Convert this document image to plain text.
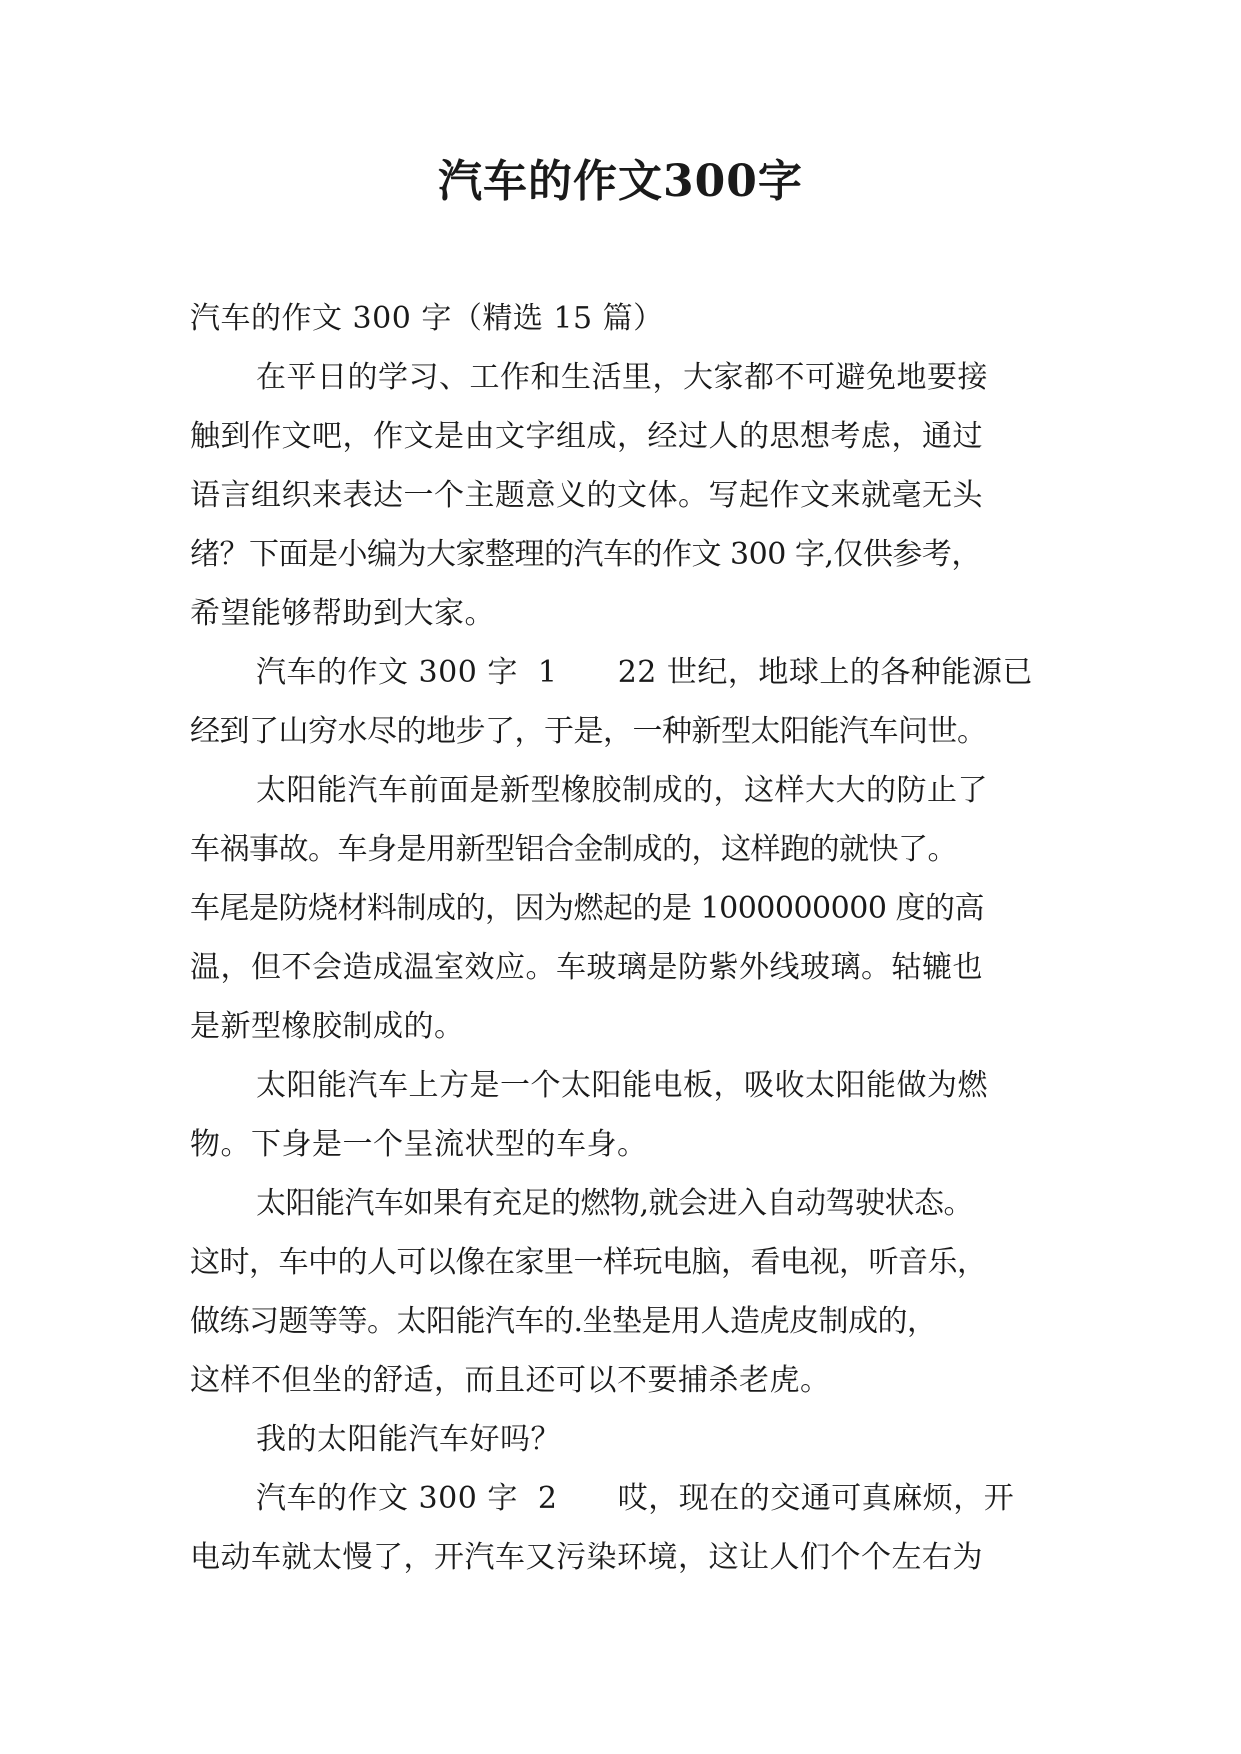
汽车的作文300字
汽车的作文 300 字（精选 15 篇）
在平日的学习、工作和生活里，大家都不可避免地要接
触到作文吧，作文是由文字组成，经过人的思想考虑，通过
语言组织来表达一个主题意义的文体。写起作文来就毫无头
绪？下面是小编为大家整理的汽车的作文 300 字,仅供参考，
希望能够帮助到大家。
汽车的作文 300 字  1      22 世纪，地球上的各种能源已
经到了山穷水尽的地步了，于是，一种新型太阳能汽车问世。
太阳能汽车前面是新型橡胶制成的，这样大大的防止了
车祸事故。车身是用新型铝合金制成的，这样跑的就快了。
车尾是防烧材料制成的，因为燃起的是 1000000000 度的高
温，但不会造成温室效应。车玻璃是防紫外线玻璃。轱辘也
是新型橡胶制成的。
太阳能汽车上方是一个太阳能电板，吸收太阳能做为燃
物。下身是一个呈流状型的车身。
太阳能汽车如果有充足的燃物,就会进入自动驾驶状态。
这时，车中的人可以像在家里一样玩电脑，看电视，听音乐，
做练习题等等。太阳能汽车的.坐垫是用人造虎皮制成的，
这样不但坐的舒适，而且还可以不要捕杀老虎。
我的太阳能汽车好吗？
汽车的作文 300 字  2      哎，现在的交通可真麻烦，开
电动车就太慢了，开汽车又污染环境，这让人们个个左右为
